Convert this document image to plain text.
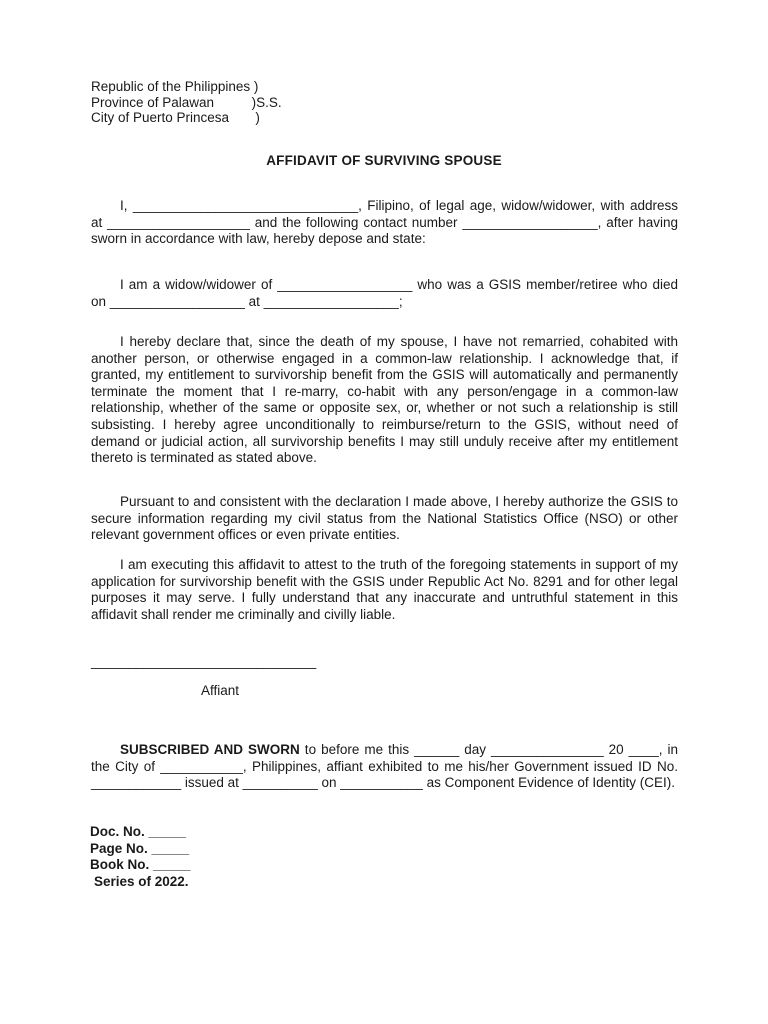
Republic of the Philippines )
Province of Palawan          )S.S.
City of Puerto Princesa       )
AFFIDAVIT OF SURVIVING SPOUSE

I, ______________________________, Filipino, of legal age, widow/widower, with address at ___________________ and the following contact number __________________, after having sworn in accordance with law, hereby depose and state:

I am a widow/widower of __________________ who was a GSIS member/retiree who died on __________________ at __________________;

I hereby declare that, since the death of my spouse, I have not remarried, cohabited with another person, or otherwise engaged in a common-law relationship. I acknowledge that, if granted, my entitlement to survivorship benefit from the GSIS will automatically and permanently terminate the moment that I re-marry, co-habit with any person/engage in a common-law relationship, whether of the same or opposite sex, or, whether or not such a relationship is still subsisting. I hereby agree unconditionally to reimburse/return to the GSIS, without need of demand or judicial action, all survivorship benefits I may still unduly receive after my entitlement thereto is terminated as stated above.

Pursuant to and consistent with the declaration I made above, I hereby authorize the GSIS to secure information regarding my civil status from the National Statistics Office (NSO) or other relevant government offices or even private entities.

I am executing this affidavit to attest to the truth of the foregoing statements in support of my application for survivorship benefit with the GSIS under Republic Act No. 8291 and for other legal purposes it may serve. I fully understand that any inaccurate and untruthful statement in this affidavit shall render me criminally and civilly liable.

______________________________
Affiant

SUBSCRIBED AND SWORN to before me this ______ day _______________ 20 ____, in the City of ___________, Philippines, affiant exhibited to me his/her Government issued ID No. ____________ issued at __________ on ___________ as Component Evidence of Identity (CEI).

Doc. No. _____
Page No. _____
Book No. _____
Series of 2022.
